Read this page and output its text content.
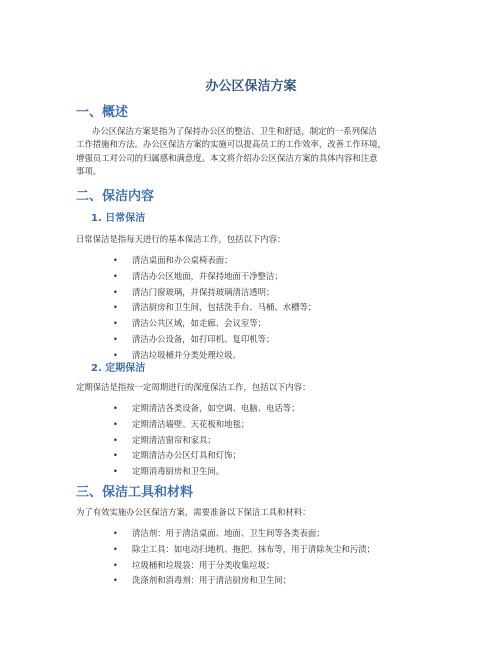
办公区保洁方案
一、概述
办公区保洁方案是指为了保持办公区的整洁、卫生和舒适，制定的一系列保洁
工作措施和方法。办公区保洁方案的实施可以提高员工的工作效率，改善工作环境，
增强员工对公司的归属感和满意度。本文将介绍办公区保洁方案的具体内容和注意
事项。
二、保洁内容
1. 日常保洁
日常保洁是指每天进行的基本保洁工作，包括以下内容：
• 清洁桌面和办公桌椅表面；
• 清洁办公区地面，并保持地面干净整洁；
• 清洁门窗玻璃，并保持玻璃清洁透明；
• 清洁厨房和卫生间，包括洗手台、马桶、水槽等；
• 清洁公共区域，如走廊、会议室等；
• 清洁办公设备，如打印机、复印机等；
• 清洁垃圾桶并分类处理垃圾。
2. 定期保洁
定期保洁是指按一定周期进行的深度保洁工作，包括以下内容：
• 定期清洁各类设备，如空调、电脑、电话等；
• 定期清洁墙壁、天花板和地毯；
• 定期清洁窗帘和家具；
• 定期清洁办公区灯具和灯饰；
• 定期消毒厨房和卫生间。
三、保洁工具和材料
为了有效实施办公区保洁方案，需要准备以下保洁工具和材料：
• 清洁剂：用于清洁桌面、地面、卫生间等各类表面；
• 除尘工具：如电动扫地机、拖把、抹布等，用于清除灰尘和污渍；
• 垃圾桶和垃圾袋：用于分类收集垃圾；
• 洗涤剂和消毒剂：用于清洁厨房和卫生间；
